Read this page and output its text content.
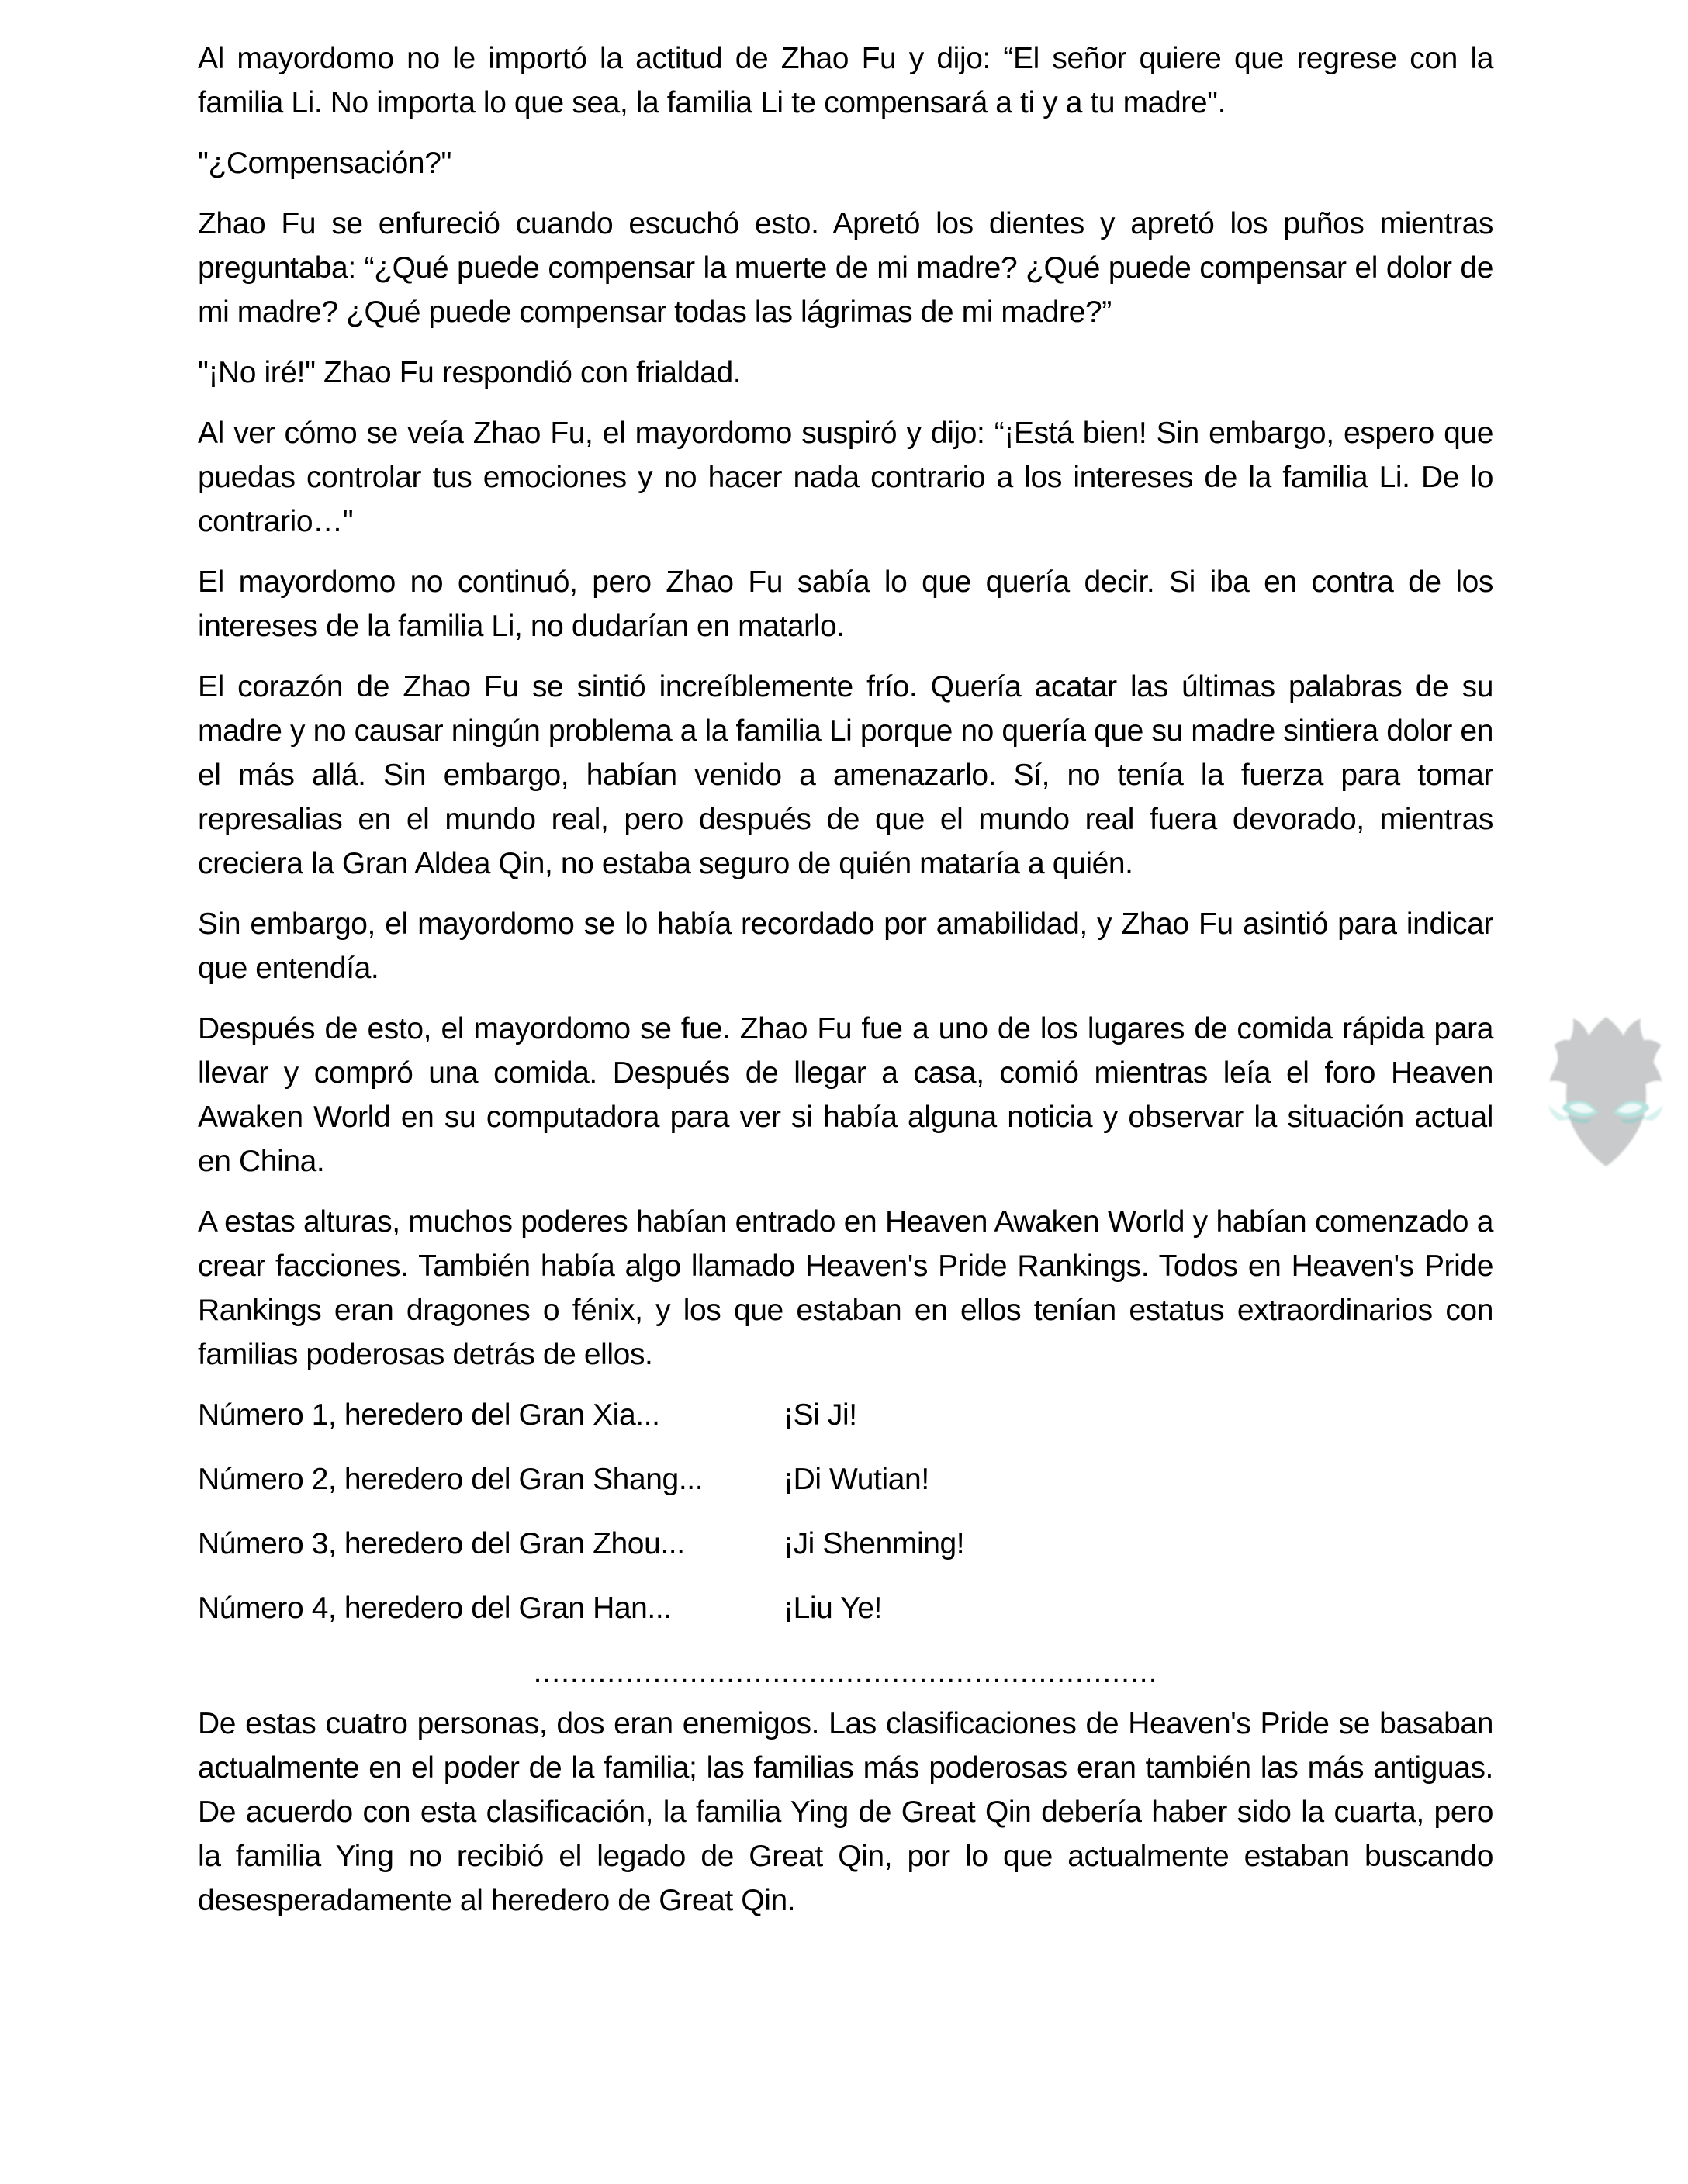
Al mayordomo no le importó la actitud de Zhao Fu y dijo: “El señor quiere que regrese con la familia Li. No importa lo que sea, la familia Li te compensará a ti y a tu madre".

"¿Compensación?"

Zhao Fu se enfureció cuando escuchó esto. Apretó los dientes y apretó los puños mientras preguntaba: “¿Qué puede compensar la muerte de mi madre? ¿Qué puede compensar el dolor de mi madre? ¿Qué puede compensar todas las lágrimas de mi madre?”

"¡No iré!" Zhao Fu respondió con frialdad.

Al ver cómo se veía Zhao Fu, el mayordomo suspiró y dijo: “¡Está bien! Sin embargo, espero que puedas controlar tus emociones y no hacer nada contrario a los intereses de la familia Li. De lo contrario…"

El mayordomo no continuó, pero Zhao Fu sabía lo que quería decir. Si iba en contra de los intereses de la familia Li, no dudarían en matarlo.

El corazón de Zhao Fu se sintió increíblemente frío. Quería acatar las últimas palabras de su madre y no causar ningún problema a la familia Li porque no quería que su madre sintiera dolor en el más allá. Sin embargo, habían venido a amenazarlo. Sí, no tenía la fuerza para tomar represalias en el mundo real, pero después de que el mundo real fuera devorado, mientras creciera la Gran Aldea Qin, no estaba seguro de quién mataría a quién.

Sin embargo, el mayordomo se lo había recordado por amabilidad, y Zhao Fu asintió para indicar que entendía.

Después de esto, el mayordomo se fue. Zhao Fu fue a uno de los lugares de comida rápida para llevar y compró una comida. Después de llegar a casa, comió mientras leía el foro Heaven Awaken World en su computadora para ver si había alguna noticia y observar la situación actual en China.

A estas alturas, muchos poderes habían entrado en Heaven Awaken World y habían comenzado a crear facciones. También había algo llamado Heaven's Pride Rankings. Todos en Heaven's Pride Rankings eran dragones o fénix, y los que estaban en ellos tenían estatus extraordinarios con familias poderosas detrás de ellos.

Número 1, heredero del Gran Xia...	¡Si Ji!
Número 2, heredero del Gran Shang...	¡Di Wutian!
Número 3, heredero del Gran Zhou...	¡Ji Shenming!
Número 4, heredero del Gran Han...	¡Liu Ye!

....................................................................

De estas cuatro personas, dos eran enemigos. Las clasificaciones de Heaven's Pride se basaban actualmente en el poder de la familia; las familias más poderosas eran también las más antiguas. De acuerdo con esta clasificación, la familia Ying de Great Qin debería haber sido la cuarta, pero la familia Ying no recibió el legado de Great Qin, por lo que actualmente estaban buscando desesperadamente al heredero de Great Qin.
